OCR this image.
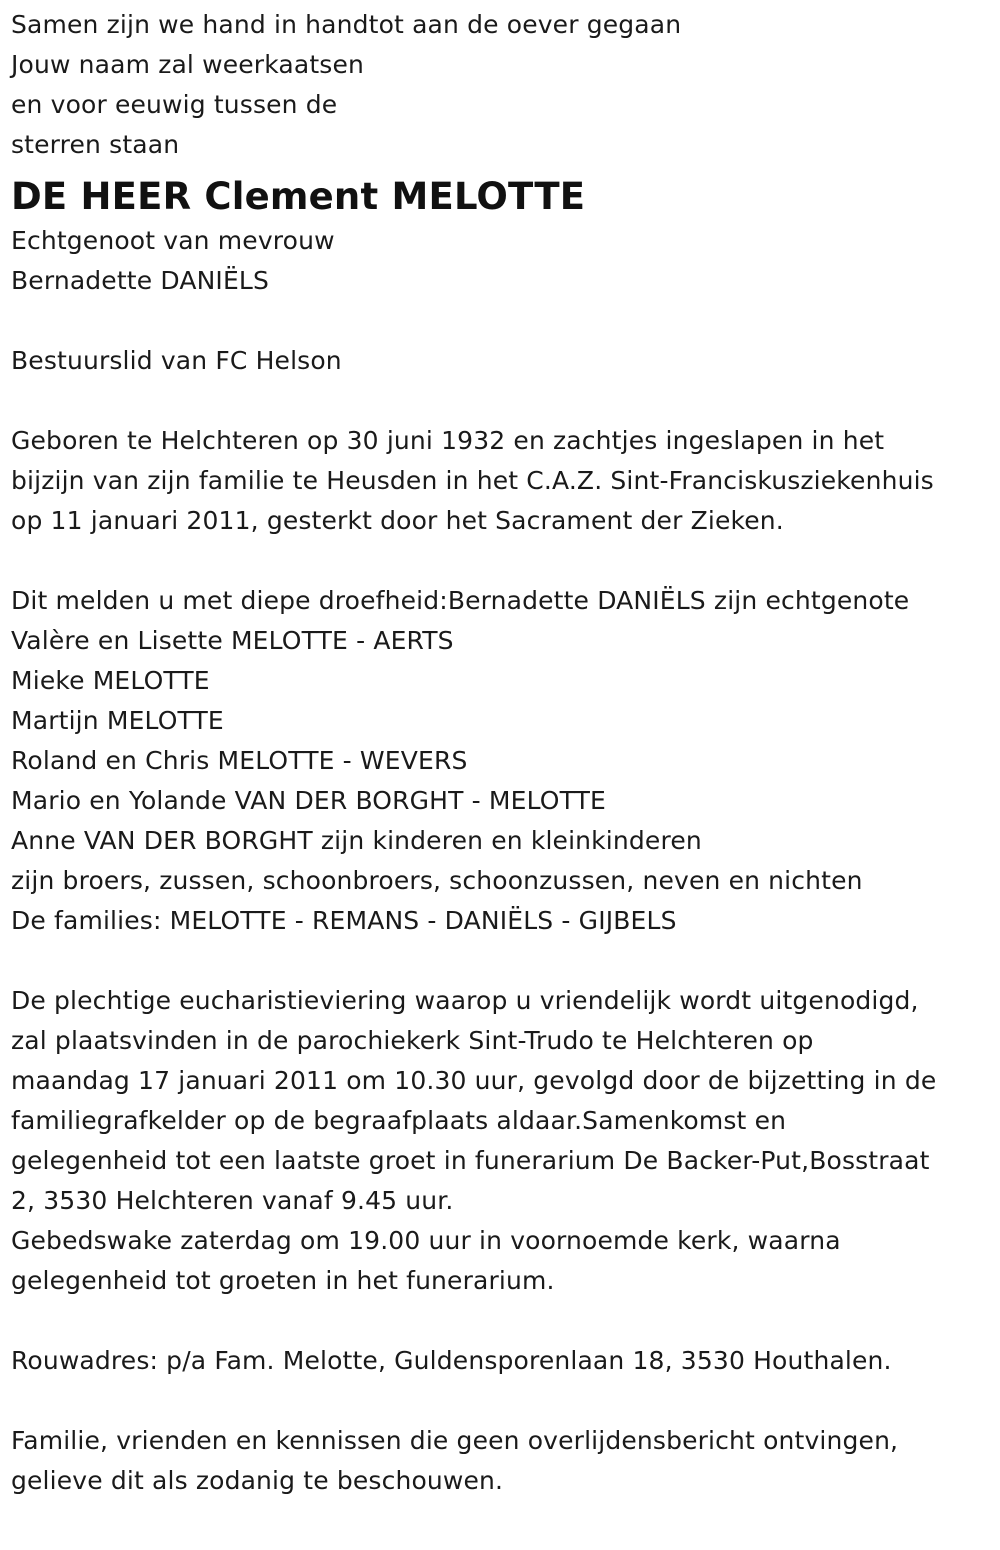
Samen zijn we hand in handtot aan de oever gegaan
Jouw naam zal weerkaatsen
en voor eeuwig tussen de
sterren staan
DE HEER Clement MELOTTE
Echtgenoot van mevrouw
Bernadette DANIËLS
Bestuurslid van FC Helson
Geboren te Helchteren op 30 juni 1932 en zachtjes ingeslapen in het
bijzijn van zijn familie te Heusden in het C.A.Z. Sint-Franciskusziekenhuis
op 11 januari 2011, gesterkt door het Sacrament der Zieken.
Dit melden u met diepe droefheid:Bernadette DANIËLS zijn echtgenote
Valère en Lisette MELOTTE - AERTS
Mieke MELOTTE
Martijn MELOTTE
Roland en Chris MELOTTE - WEVERS
Mario en Yolande VAN DER BORGHT - MELOTTE
Anne VAN DER BORGHT zijn kinderen en kleinkinderen
zijn broers, zussen, schoonbroers, schoonzussen, neven en nichten
De families: MELOTTE - REMANS - DANIËLS - GIJBELS
De plechtige eucharistieviering waarop u vriendelijk wordt uitgenodigd,
zal plaatsvinden in de parochiekerk Sint-Trudo te Helchteren op
maandag 17 januari 2011 om 10.30 uur, gevolgd door de bijzetting in de
familiegrafkelder op de begraafplaats aldaar.Samenkomst en
gelegenheid tot een laatste groet in funerarium De Backer-Put,Bosstraat
2, 3530 Helchteren vanaf 9.45 uur.
Gebedswake zaterdag om 19.00 uur in voornoemde kerk, waarna
gelegenheid tot groeten in het funerarium.
Rouwadres: p/a Fam. Melotte, Guldensporenlaan 18, 3530 Houthalen.
Familie, vrienden en kennissen die geen overlijdensbericht ontvingen,
gelieve dit als zodanig te beschouwen.
